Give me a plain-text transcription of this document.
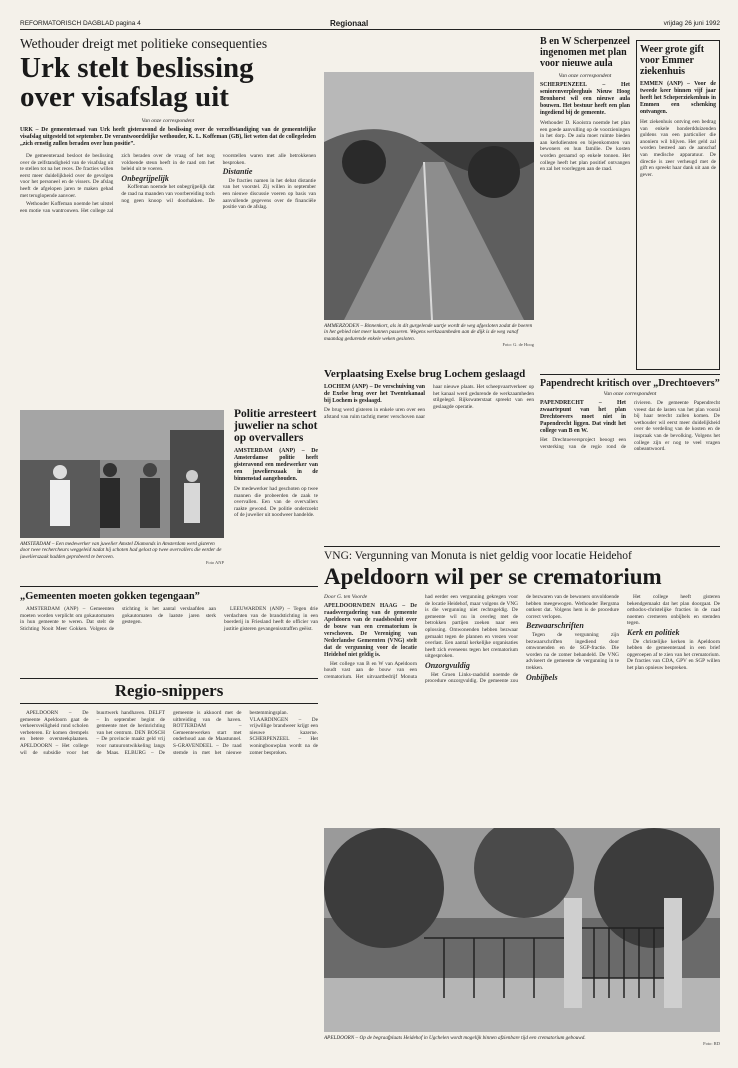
REFORMATORISCH DAGBLAD pagina 4	Regionaal	vrijdag 26 juni 1992
Wethouder dreigt met politieke consequenties
Urk stelt beslissing
over visafslag uit
Van onze correspondent
URK – De gemeenteraad van Urk heeft gisteravond de beslissing over de verzelfstandiging van de gemeentelijke visafslag uitgesteld tot september. De verantwoordelijke wethouder, K. L. Koffeman (GB), liet weten dat de collegeleden „zich ernstig zullen beraden over hun positie”.

De gemeenteraad besloot de beslissing over de zelfstandigheid van de visafslag uit te stellen tot na het reces. De fracties willen eerst meer duidelijkheid over de gevolgen voor het personeel en de vissers. De afslag heeft de afgelopen jaren te maken gehad met teruglopende aanvoer.

Wethouder Koffeman noemde het uitstel een motie van wantrouwen. Het college zal zich beraden over de vraag of het nog voldoende steun heeft in de raad om het beleid uit te voeren.

Onbegrijpelijk

Koffeman noemde het onbegrijpelijk dat de raad na maanden van voorbereiding toch nog geen knoop wil doorhakken. De voorstellen waren met alle betrokkenen besproken.

Distantie

De fracties namen in het debat distantie van het voorstel. Zij willen in september een nieuwe discussie voeren op basis van aanvullende gegevens over de financiële positie van de afslag.

AMSTERDAM – Een medewerker van juwelier Amstel Diamonds in Amsterdam werd gisteren door twee rechercheurs weggeleid nadat hij schoten had gelost op twee overvallers die eerder de juwelierszaak hadden geprobeerd te beroven.
Foto ANP
Politie arresteert juwelier na schot op overvallers
AMSTERDAM (ANP) – De Amsterdamse politie heeft gisteravond een medewerker van een juwelierszaak in de binnenstad aangehouden.
De medewerker had geschoten op twee mannen die probeerden de zaak te overvallen. Een van de overvallers raakte gewond. De politie onderzoekt of de juwelier uit noodweer handelde.
„Gemeenten moeten gokken tegengaan”

AMSTERDAM (ANP) – Gemeenten moeten worden verplicht om gokautomaten in hun gemeente te weren. Dat stelt de Stichting Nooit Meer Gokken. Volgens de stichting is het aantal verslaafden aan gokautomaten de laatste jaren sterk gestegen.

LEEUWARDEN (ANP) – Tegen drie verdachten van de brandstichting in een boerderij in Friesland heeft de officier van justitie gisteren gevangenisstraffen geëist.

Regio-snippers

APELDOORN – De gemeente Apeldoorn gaat de verkeersveiligheid rond scholen verbeteren. Er komen drempels en betere oversteekplaatsen. APELDOORN – Het college wil de subsidie voor het buurtwerk handhaven. DELFT – In september begint de gemeente met de herinrichting van het centrum. DEN BOSCH – De provincie maakt geld vrij voor natuurontwikkeling langs de Maas. ELBURG – De gemeente is akkoord met de uitbreiding van de haven. ROTTERDAM – Gemeentewerken start met onderhoud aan de Maastunnel. S-GRAVENDEEL – De raad stemde in met het nieuwe bestemmingsplan. VLAARDINGEN – De vrijwillige brandweer krijgt een nieuwe kazerne. SCHERPENZEEL – Het woningbouwplan wordt na de zomer besproken.

AMMERZODEN – Binnenkort, als in dit gurgelende uurtje wordt de weg afgesloten zodat de boeren in het gebied niet meer kunnen passeren. Wegens werkzaamheden aan de dijk is de weg vanaf maandag gedurende enkele weken gesloten.
Foto: G. de Hoog
Verplaatsing Exelse brug Lochem geslaagd
LOCHEM (ANP) – De verschuiving van de Exelse brug over het Twentekanaal bij Lochem is geslaagd.
De brug werd gisteren in enkele uren over een afstand van ruim tachtig meter verschoven naar haar nieuwe plaats. Het scheepvaartverkeer op het kanaal werd gedurende de werkzaamheden stilgelegd. Rijkswaterstaat spreekt van een geslaagde operatie.
B en W Scherpenzeel ingenomen met plan voor nieuwe aula
Van onze correspondent
SCHERPENZEEL – Het seniorenverpleeghuis Nieuw Hoog Bronhorst wil een nieuwe aula bouwen. Het bestuur heeft een plan ingediend bij de gemeente.
Wethouder D. Kooistra noemde het plan een goede aanvulling op de voorzieningen in het dorp. De aula moet ruimte bieden aan kerkdiensten en bijeenkomsten van bewoners en hun familie. De kosten worden geraamd op enkele tonnen. Het college heeft het plan positief ontvangen en zal het voorleggen aan de raad.
Weer grote gift voor Emmer ziekenhuis
EMMEN (ANP) – Voor de tweede keer binnen vijf jaar heeft het Scheperziekenhuis in Emmen een schenking ontvangen.
Het ziekenhuis ontving een bedrag van enkele honderdduizenden guldens van een particulier die anoniem wil blijven. Het geld zal worden besteed aan de aanschaf van medische apparatuur. De directie is zeer verheugd met de gift en spreekt haar dank uit aan de gever.
Papendrecht kritisch over „Drechtoevers”
Van onze correspondent
PAPENDRECHT – Het zwaartepunt van het plan Drechtoevers moet niet in Papendrecht liggen. Dat vindt het college van B en W.
Het Drechtoeversproject beoogt een versterking van de regio rond de rivieren. De gemeente Papendrecht vreest dat de lasten van het plan vooral bij haar terecht zullen komen. De wethouder wil eerst meer duidelijkheid over de verdeling van de kosten en de inspraak van de bevolking. Volgens het college zijn er nog te veel vragen onbeantwoord.
VNG: Vergunning van Monuta is niet geldig voor locatie Heidehof
Apeldoorn wil per se crematorium
Door G. ten Voorde
APELDOORN/DEN HAAG – De raadsvergadering van de gemeente Apeldoorn van de raadsbesluit over de bouw van een crematorium is verschoven. De Vereniging van Nederlandse Gemeenten (VNG) stelt dat de vergunning voor de locatie Heidehof niet geldig is.

Het college van B en W van Apeldoorn houdt vast aan de bouw van een crematorium. Het uitvaartbedrijf Monuta had eerder een vergunning gekregen voor de locatie Heidehof, maar volgens de VNG is die vergunning niet rechtsgeldig. De gemeente wil nu in overleg met de betrokken partijen zoeken naar een oplossing. Omwonenden hebben bezwaar gemaakt tegen de plannen en vrezen voor overlast. Een aantal kerkelijke organisaties heeft zich eveneens tegen het crematorium uitgesproken.

Onzorgvuldig

Het Groen Links-raadslid noemde de procedure onzorgvuldig. De gemeente zou de bezwaren van de bewoners onvoldoende hebben meegewogen. Wethouder Bergsma ontkent dat. Volgens hem is de procedure correct verlopen.

Bezwaarschriften

Tegen de vergunning zijn bezwaarschriften ingediend door omwonenden en de SGP-fractie. Die worden na de zomer behandeld. De VNG adviseert de gemeente de vergunning in te trekken.

Onbijbels

Het college heeft gisteren bekendgemaakt dat het plan doorgaat. De orthodox-christelijke fracties in de raad noemen cremeren onbijbels en stemden tegen.

Kerk en politiek

De christelijke kerken in Apeldoorn hebben de gemeenteraad in een brief opgeroepen af te zien van het crematorium. De fracties van CDA, GPV en SGP willen het plan opnieuw bespreken.

APELDOORN – Op de begraafplaats Heidehof in Ugchelen wordt mogelijk binnen afzienbare tijd een crematorium gebouwd.
Foto: RD
